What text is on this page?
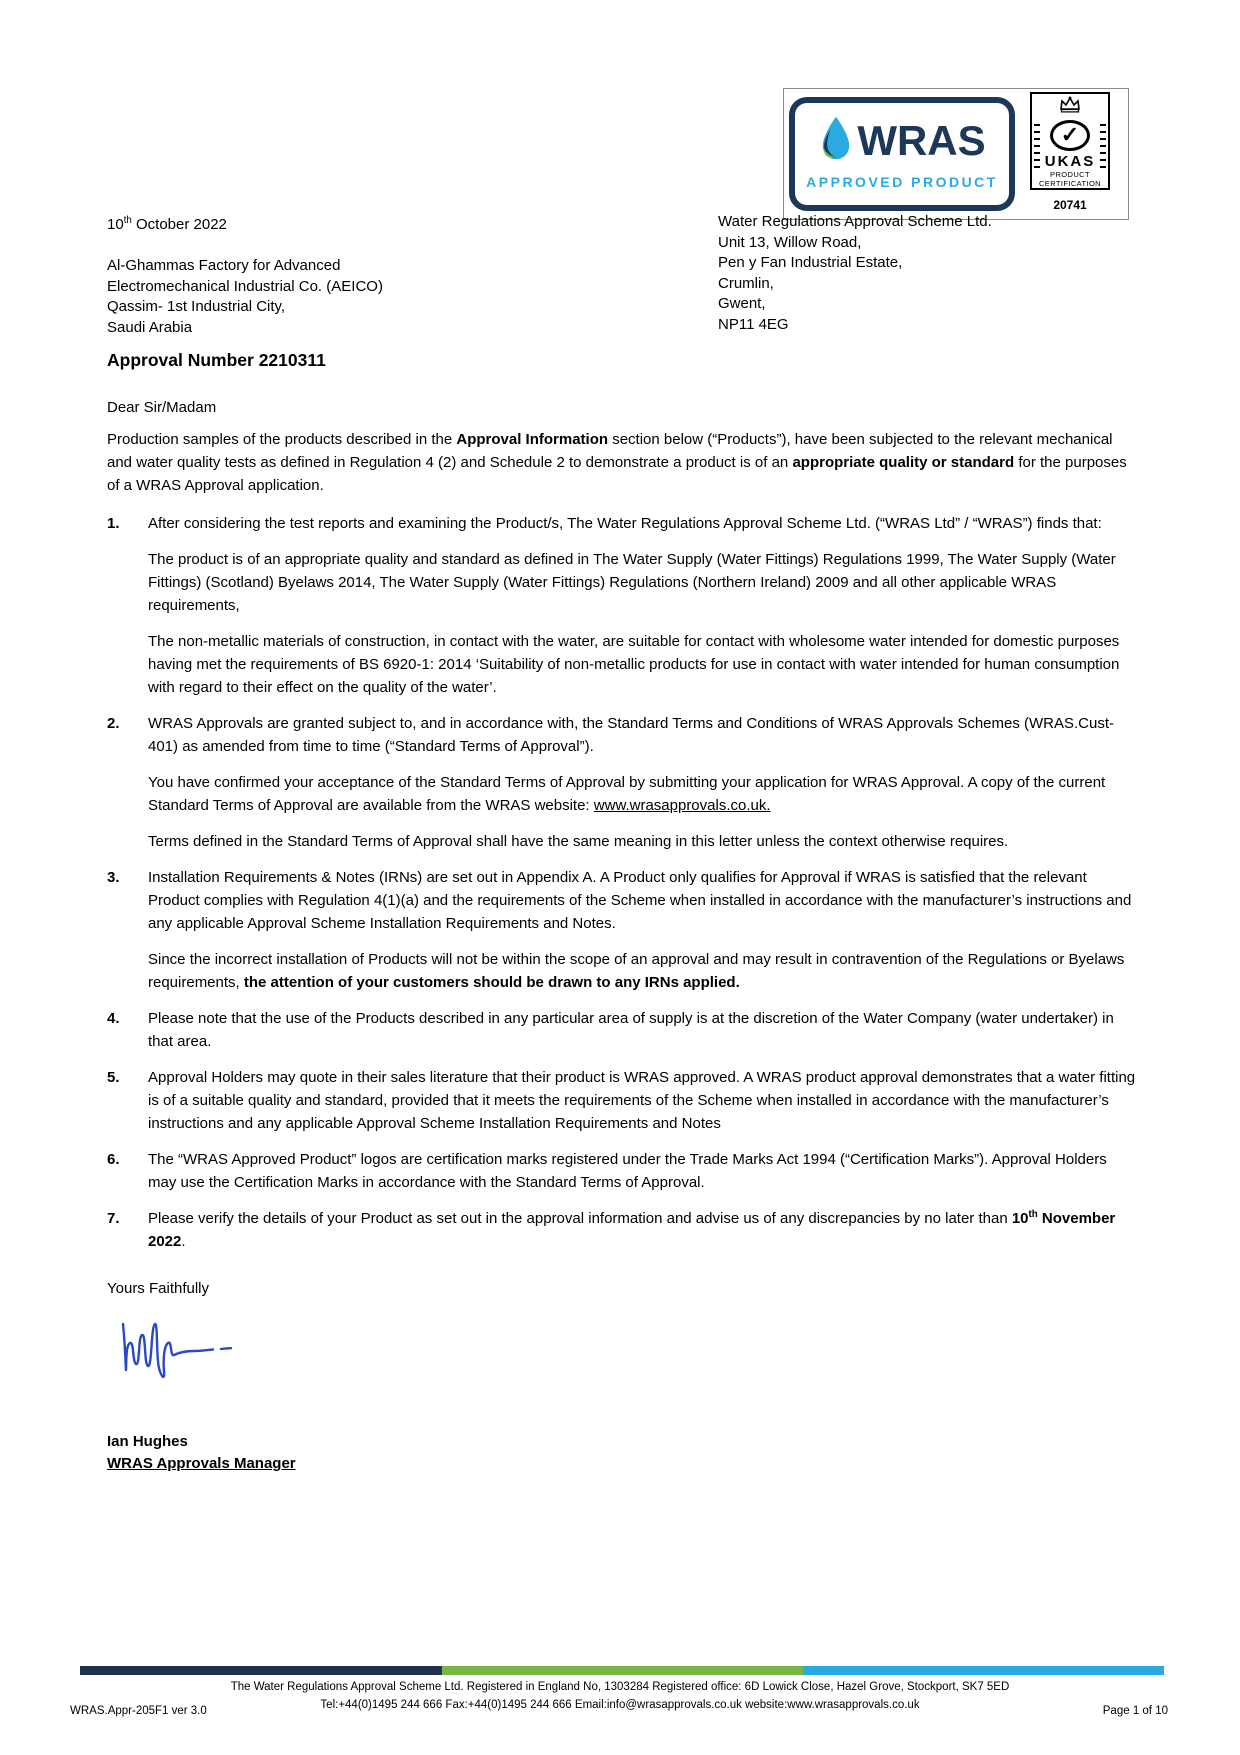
WRAS
APPROVED PRODUCT
✓
UKAS
PRODUCT
CERTIFICATION
20741
10th October 2022
Al-Ghammas Factory for Advanced
Electromechanical Industrial Co. (AEICO)
Qassim- 1st Industrial City,
Saudi Arabia
Water Regulations Approval Scheme Ltd.
Unit 13, Willow Road,
Pen y Fan Industrial Estate,
Crumlin,
Gwent,
NP11 4EG
Approval Number 2210311
Dear Sir/Madam

Production samples of the products described in the Approval Information section below (“Products”), have been subjected to the relevant mechanical and water quality tests as defined in Regulation 4 (2) and Schedule 2 to demonstrate a product is of an appropriate quality or standard for the purposes of a WRAS Approval application.

1.	After considering the test reports and examining the Product/s, The Water Regulations Approval Scheme Ltd. (“WRAS Ltd” / “WRAS”) finds that:

The product is of an appropriate quality and standard as defined in The Water Supply (Water Fittings) Regulations 1999, The Water Supply (Water Fittings) (Scotland) Byelaws 2014, The Water Supply (Water Fittings) Regulations (Northern Ireland) 2009 and all other applicable WRAS requirements,

The non-metallic materials of construction, in contact with the water, are suitable for contact with wholesome water intended for domestic purposes having met the requirements of BS 6920-1: 2014 ‘Suitability of non-metallic products for use in contact with water intended for human consumption with regard to their effect on the quality of the water’.

2.	WRAS Approvals are granted subject to, and in accordance with, the Standard Terms and Conditions of WRAS Approvals Schemes (WRAS.Cust-401) as amended from time to time (“Standard Terms of Approval”).

You have confirmed your acceptance of the Standard Terms of Approval by submitting your application for WRAS Approval. A copy of the current Standard Terms of Approval are available from the WRAS website: www.wrasapprovals.co.uk.

Terms defined in the Standard Terms of Approval shall have the same meaning in this letter unless the context otherwise requires.

3.	Installation Requirements & Notes (IRNs) are set out in Appendix A. A Product only qualifies for Approval if WRAS is satisfied that the relevant Product complies with Regulation 4(1)(a) and the requirements of the Scheme when installed in accordance with the manufacturer’s instructions and any applicable Approval Scheme Installation Requirements and Notes.

Since the incorrect installation of Products will not be within the scope of an approval and may result in contravention of the Regulations or Byelaws requirements, the attention of your customers should be drawn to any IRNs applied.

4.	Please note that the use of the Products described in any particular area of supply is at the discretion of the Water Company (water undertaker) in that area.

5.	Approval Holders may quote in their sales literature that their product is WRAS approved. A WRAS product approval demonstrates that a water fitting is of a suitable quality and standard, provided that it meets the requirements of the Scheme when installed in accordance with the manufacturer’s instructions and any applicable Approval Scheme Installation Requirements and Notes

6.	The “WRAS Approved Product” logos are certification marks registered under the Trade Marks Act 1994 (“Certification Marks”). Approval Holders may use the Certification Marks in accordance with the Standard Terms of Approval.

7.	Please verify the details of your Product as set out in the approval information and advise us of any discrepancies by no later than 10th November 2022.

Yours Faithfully
Ian Hughes
WRAS Approvals Manager
The Water Regulations Approval Scheme Ltd. Registered in England No, 1303284 Registered office: 6D Lowick Close, Hazel Grove, Stockport, SK7 5ED
Tel:+44(0)1495 244 666 Fax:+44(0)1495 244 666 Email:info@wrasapprovals.co.uk website:www.wrasapprovals.co.uk
WRAS.Appr-205F1 ver 3.0	Page 1 of 10
